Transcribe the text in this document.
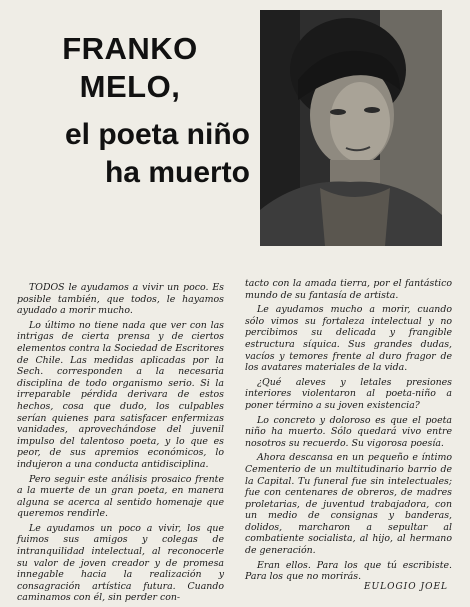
FRANKO MELO,
el poeta niño
ha muerto

TODOS le ayudamos a vivir un poco. Es posible también, que todos, le hayamos ayudado a morir mucho.

Lo último no tiene nada que ver con las intrigas de cierta prensa y de ciertos elementos contra la Sociedad de Escritores de Chile. Las medidas aplicadas por la Sech. corresponden a la necesaria disciplina de todo organismo serio. Si la irreparable pérdida derivara de estos hechos, cosa que dudo, los culpables serían quienes para satisfacer enfermizas vanidades, aprovechándose del juvenil impulso del talentoso poeta, y lo que es peor, de sus apremios económicos, lo indujeron a una conducta antidisciplina.

Pero seguir este análisis prosaico frente a la muerte de un gran poeta, en manera alguna se acerca al sentido homenaje que queremos rendirle.

Le ayudamos un poco a vivir, los que fuimos sus amigos y colegas de intranquilidad intelectual, al reconocerle su valor de joven creador y de promesa innegable hacia la realización y consagración artística futura. Cuando caminamos con él, sin perder con-

tacto con la amada tierra, por el fantástico mundo de su fantasía de artista.

Le ayudamos mucho a morir, cuando sólo vimos su fortaleza intelectual y no percibimos su delicada y frangible estructura síquica. Sus grandes dudas, vacíos y temores frente al duro fragor de los avatares materiales de la vida.

¿Qué aleves y letales presiones interiores violentaron al poeta-niño a poner término a su joven existencia?

Lo concreto y doloroso es que el poeta niño ha muerto. Sólo quedará vivo entre nosotros su recuerdo. Su vigorosa poesía.

Ahora descansa en un pequeño e íntimo Cementerio de un multitudinario barrio de la Capital. Tu funeral fue sin intelectuales; fue con centenares de obreros, de madres proletarias, de juventud trabajadora, con un medio de consignas y banderas, dolidos, marcharon a sepultar al combatiente socialista, al hijo, al hermano de generación.

Eran ellos. Para los que tú escribiste. Para los que no morirás.

EULOGIO JOEL
